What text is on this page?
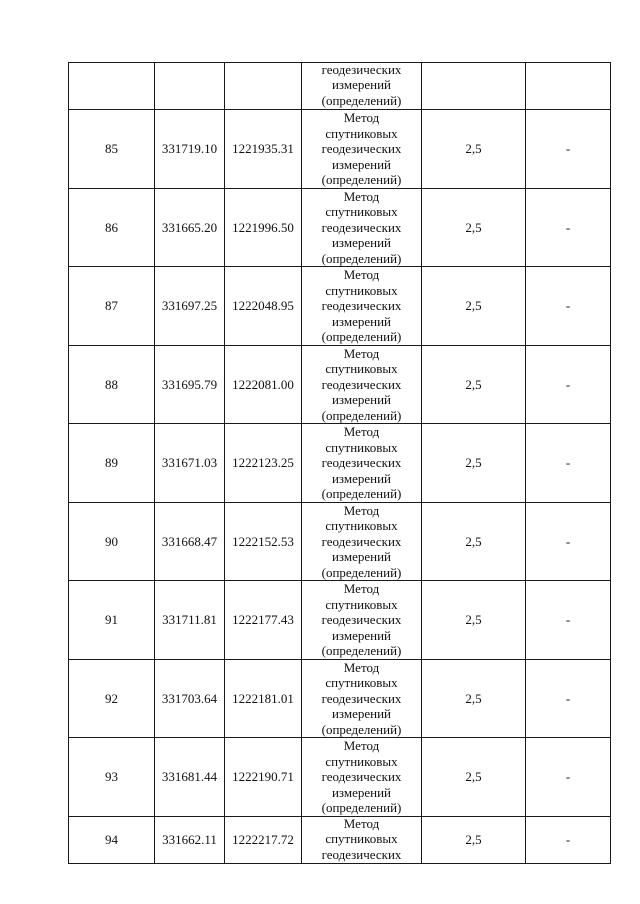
			геодезических
измерений
(определений)		

85	331719.10	1221935.31	Метод
спутниковых
геодезических
измерений
(определений)	2,5	-
86	331665.20	1221996.50	Метод
спутниковых
геодезических
измерений
(определений)	2,5	-
87	331697.25	1222048.95	Метод
спутниковых
геодезических
измерений
(определений)	2,5	-
88	331695.79	1222081.00	Метод
спутниковых
геодезических
измерений
(определений)	2,5	-
89	331671.03	1222123.25	Метод
спутниковых
геодезических
измерений
(определений)	2,5	-
90	331668.47	1222152.53	Метод
спутниковых
геодезических
измерений
(определений)	2,5	-
91	331711.81	1222177.43	Метод
спутниковых
геодезических
измерений
(определений)	2,5	-
92	331703.64	1222181.01	Метод
спутниковых
геодезических
измерений
(определений)	2,5	-
93	331681.44	1222190.71	Метод
спутниковых
геодезических
измерений
(определений)	2,5	-
94	331662.11	1222217.72	Метод
спутниковых
геодезических	2,5	-
